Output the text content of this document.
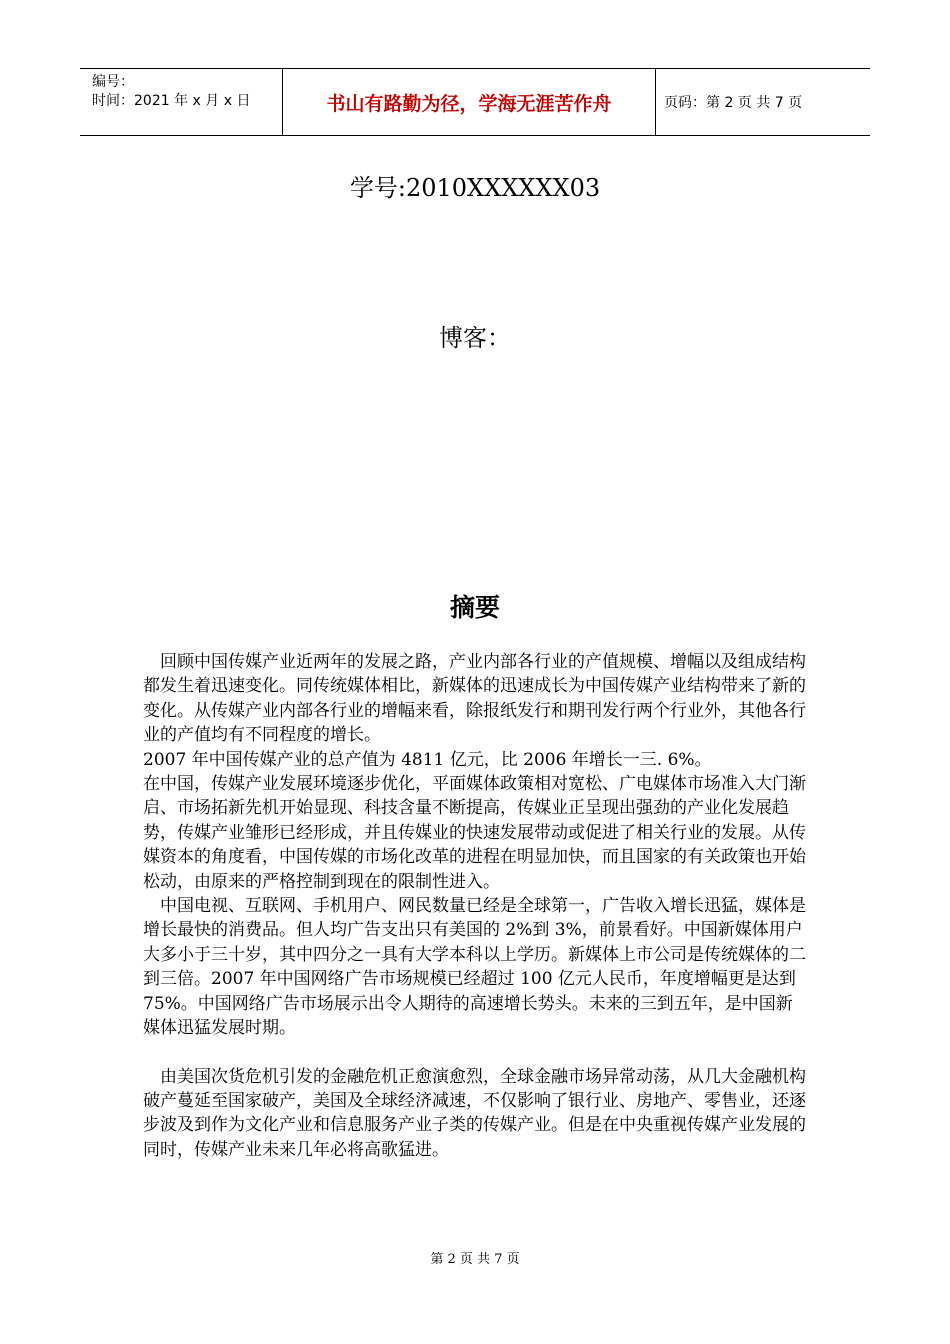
编号：
时间：2021 年 x 月 x 日	书山有路勤为径，学海无涯苦作舟	页码：第 2 页 共 7 页
学号:2010XXXXXX03
博客：
摘要

回顾中国传媒产业近两年的发展之路，产业内部各行业的产值规模、增幅以及组成结构都发生着迅速变化。同传统媒体相比，新媒体的迅速成长为中国传媒产业结构带来了新的变化。从传媒产业内部各行业的增幅来看，除报纸发行和期刊发行两个行业外，其他各行业的产值均有不同程度的增长。

2007 年中国传媒产业的总产值为 4811 亿元，比 2006 年增长一三. 6%。

在中国，传媒产业发展环境逐步优化，平面媒体政策相对宽松、广电媒体市场准入大门渐启、市场拓新先机开始显现、科技含量不断提高，传媒业正呈现出强劲的产业化发展趋势，传媒产业雏形已经形成，并且传媒业的快速发展带动或促进了相关行业的发展。从传媒资本的角度看，中国传媒的市场化改革的进程在明显加快，而且国家的有关政策也开始松动，由原来的严格控制到现在的限制性进入。

中国电视、互联网、手机用户、网民数量已经是全球第一，广告收入增长迅猛，媒体是增长最快的消费品。但人均广告支出只有美国的 2%到 3%，前景看好。中国新媒体用户大多小于三十岁，其中四分之一具有大学本科以上学历。新媒体上市公司是传统媒体的二到三倍。2007 年中国网络广告市场规模已经超过 100 亿元人民币，年度增幅更是达到 75%。中国网络广告市场展示出令人期待的高速增长势头。未来的三到五年，是中国新媒体迅猛发展时期。

由美国次货危机引发的金融危机正愈演愈烈，全球金融市场异常动荡，从几大金融机构破产蔓延至国家破产，美国及全球经济减速，不仅影响了银行业、房地产、零售业，还逐步波及到作为文化产业和信息服务产业子类的传媒产业。但是在中央重视传媒产业发展的同时，传媒产业未来几年必将高歌猛进。

第 2 页 共 7 页
